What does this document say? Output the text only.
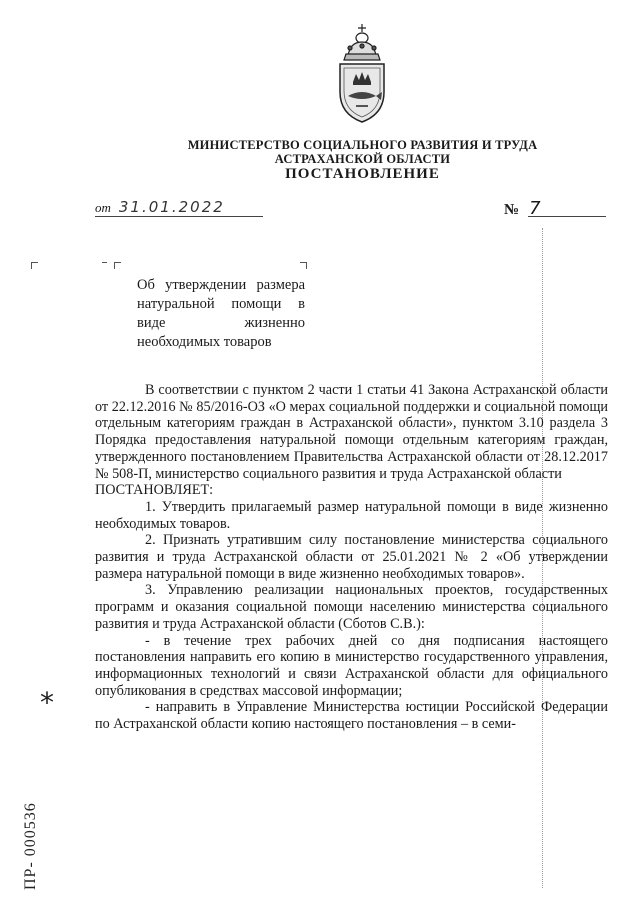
МИНИСТЕРСТВО СОЦИАЛЬНОГО РАЗВИТИЯ И ТРУДА
АСТРАХАНСКОЙ ОБЛАСТИ
ПОСТАНОВЛЕНИЕ
от 31.01.2022	№ 7
Об утверждении размера натуральной помощи в виде жизненно необходимых товаров

В соответствии с пунктом 2 части 1 статьи 41 Закона Астраханской области от 22.12.2016 № 85/2016-ОЗ «О мерах социальной поддержки и социальной помощи отдельным категориям граждан в Астраханской области», пунктом 3.10 раздела 3 Порядка предоставления натуральной помощи отдельным категориям граждан, утвержденного постановлением Правительства Астраханской области от 28.12.2017 № 508-П, министерство социального развития и труда Астраханской области

ПОСТАНОВЛЯЕТ:

1. Утвердить прилагаемый размер натуральной помощи в виде жизненно необходимых товаров.

2. Признать утратившим силу постановление министерства социального развития и труда Астраханской области от 25.01.2021 № 2 «Об утверждении размера натуральной помощи в виде жизненно необходимых товаров».

3. Управлению реализации национальных проектов, государственных программ и оказания социальной помощи населению министерства социального развития и труда Астраханской области (Сботов С.В.):

- в течение трех рабочих дней со дня подписания настоящего постановления направить его копию в министерство государственного управления, информационных технологий и связи Астраханской области для официального опубликования в средствах массовой информации;

- направить в Управление Министерства юстиции Российской Федерации по Астраханской области копию настоящего постановления – в семи-

*
ПР- 000536
